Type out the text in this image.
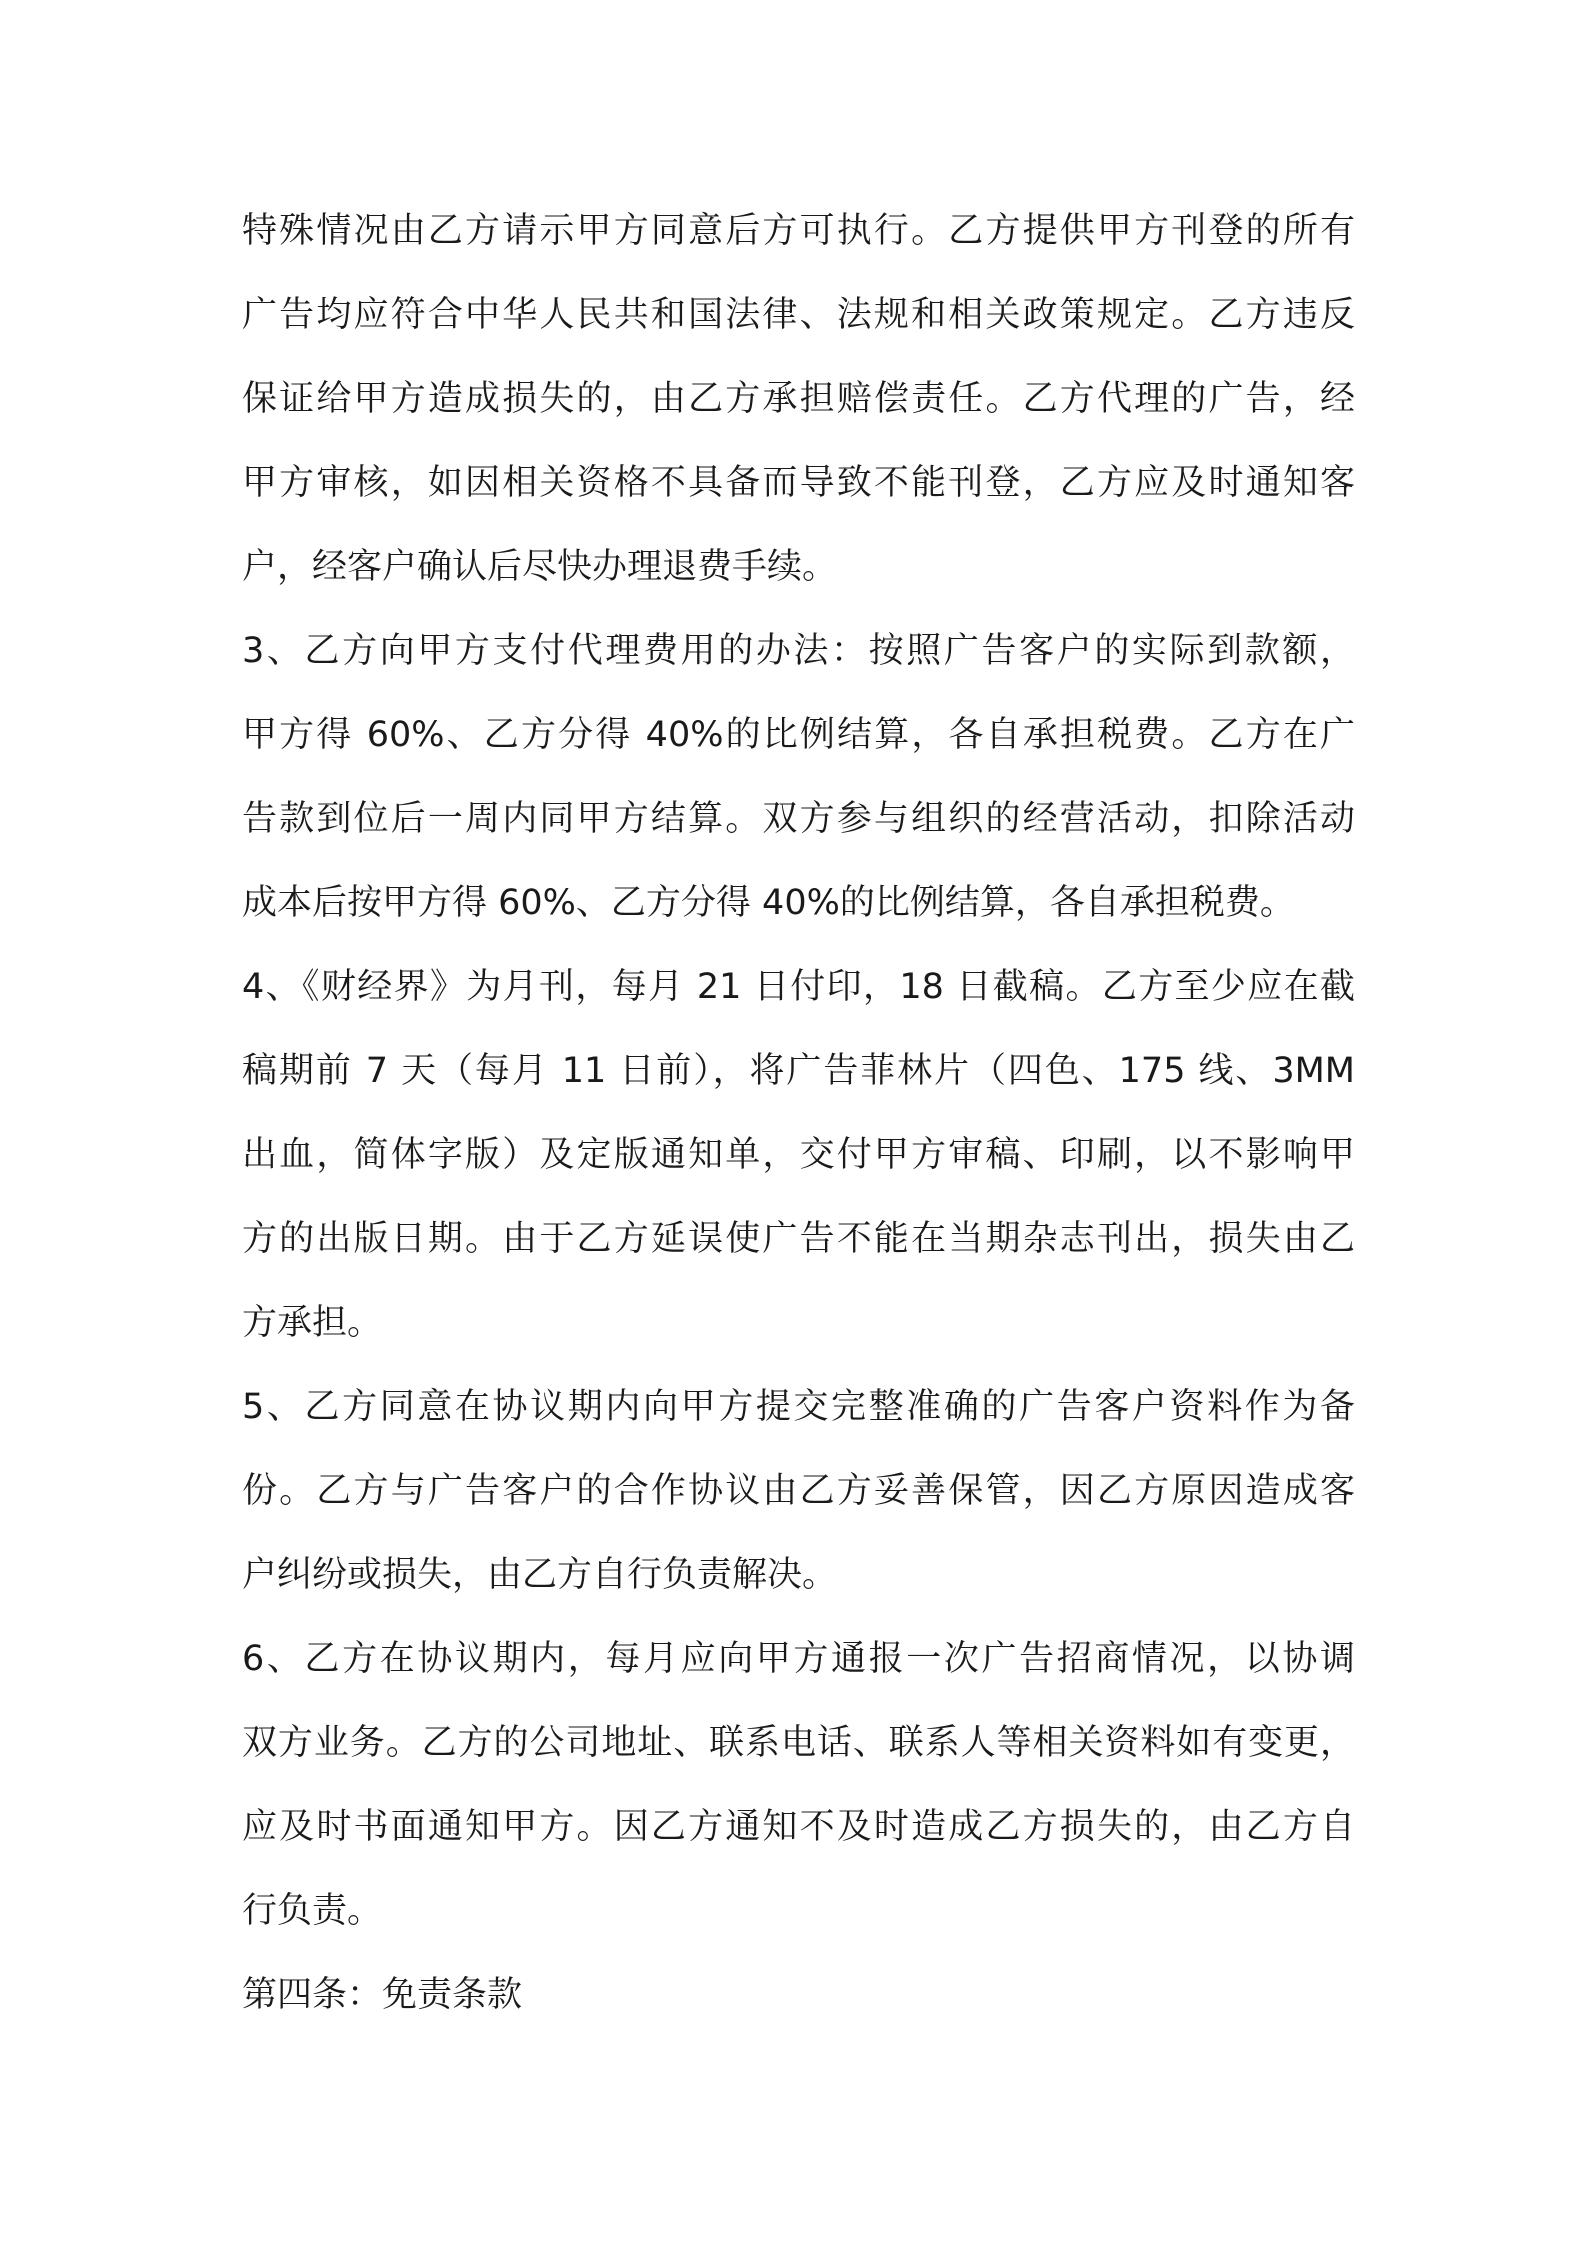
特殊情况由乙方请示甲方同意后方可执行。乙方提供甲方刊登的所有
广告均应符合中华人民共和国法律、法规和相关政策规定。乙方违反
保证给甲方造成损失的，由乙方承担赔偿责任。乙方代理的广告，经
甲方审核，如因相关资格不具备而导致不能刊登，乙方应及时通知客
户，经客户确认后尽快办理退费手续。
3、乙方向甲方支付代理费用的办法：按照广告客户的实际到款额，
甲方得 60%、乙方分得 40%的比例结算，各自承担税费。乙方在广
告款到位后一周内同甲方结算。双方参与组织的经营活动，扣除活动
成本后按甲方得 60%、乙方分得 40%的比例结算，各自承担税费。
4、《财经界》为月刊，每月 21 日付印，18 日截稿。乙方至少应在截
稿期前 7 天（每月 11 日前），将广告菲林片（四色、175 线、3MM
出血，简体字版）及定版通知单，交付甲方审稿、印刷，以不影响甲
方的出版日期。由于乙方延误使广告不能在当期杂志刊出，损失由乙
方承担。
5、乙方同意在协议期内向甲方提交完整准确的广告客户资料作为备
份。乙方与广告客户的合作协议由乙方妥善保管，因乙方原因造成客
户纠纷或损失，由乙方自行负责解决。
6、乙方在协议期内，每月应向甲方通报一次广告招商情况，以协调
双方业务。乙方的公司地址、联系电话、联系人等相关资料如有变更，
应及时书面通知甲方。因乙方通知不及时造成乙方损失的，由乙方自
行负责。
第四条：免责条款
